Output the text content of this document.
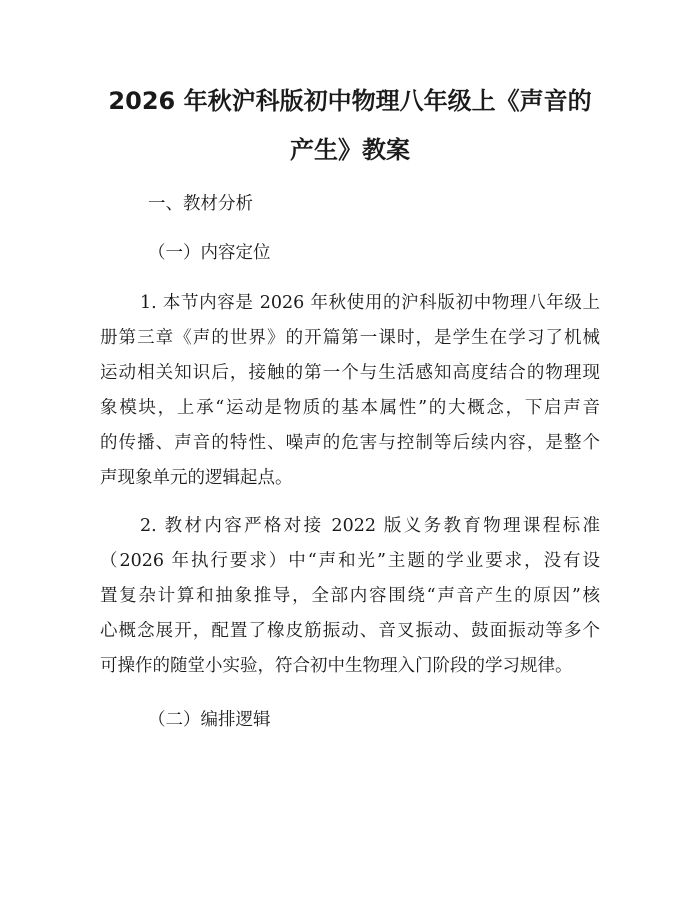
2026 年秋沪科版初中物理八年级上《声音的
产生》教案

一、教材分析

（一）内容定位

1. 本节内容是 2026 年秋使用的沪科版初中物理八年级上
册第三章《声的世界》的开篇第一课时，是学生在学习了机械
运动相关知识后，接触的第一个与生活感知高度结合的物理现
象模块，上承“运动是物质的基本属性”的大概念，下启声音
的传播、声音的特性、噪声的危害与控制等后续内容，是整个
声现象单元的逻辑起点。
2. 教材内容严格对接 2022 版义务教育物理课程标准
（2026 年执行要求）中“声和光”主题的学业要求，没有设
置复杂计算和抽象推导，全部内容围绕“声音产生的原因”核
心概念展开，配置了橡皮筋振动、音叉振动、鼓面振动等多个
可操作的随堂小实验，符合初中生物理入门阶段的学习规律。

（二）编排逻辑
